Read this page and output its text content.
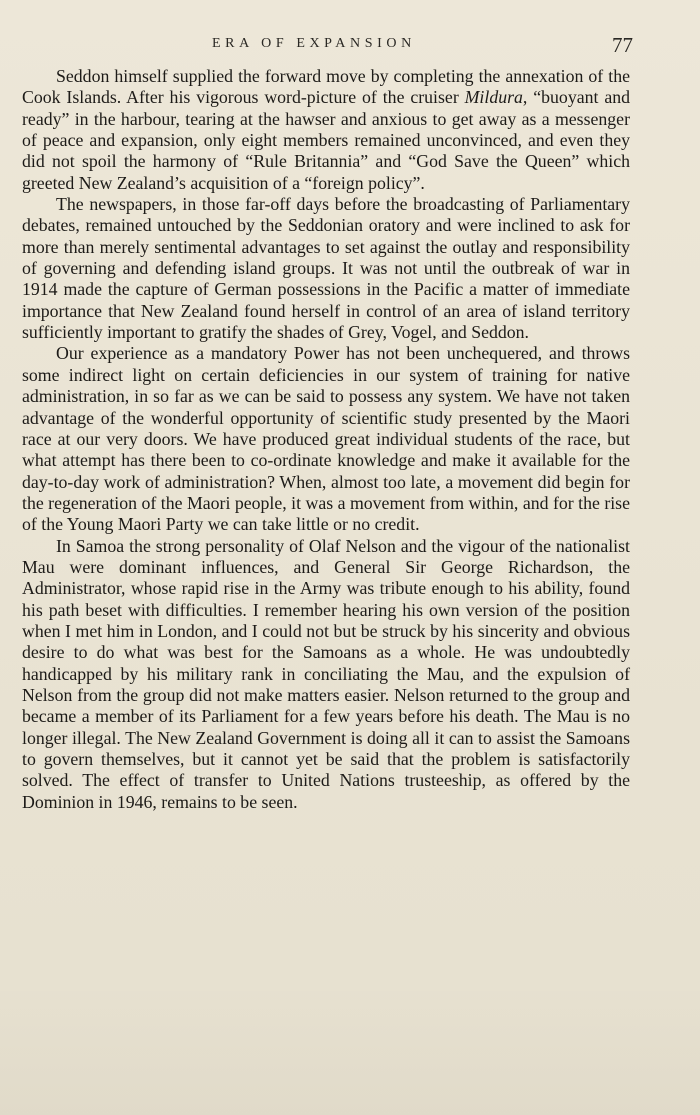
ERA OF EXPANSION	77

Seddon himself supplied the forward move by completing the annexation of the Cook Islands. After his vigorous word-picture of the cruiser Mildura, “buoyant and ready” in the harbour, tearing at the hawser and anxious to get away as a messenger of peace and expansion, only eight members remained unconvinced, and even they did not spoil the harmony of “Rule Britannia” and “God Save the Queen” which greeted New Zealand’s acquisition of a “foreign policy”.

The newspapers, in those far-off days before the broadcasting of Parliamentary debates, remained untouched by the Seddonian oratory and were inclined to ask for more than merely sentimental advantages to set against the outlay and responsibility of governing and defending island groups. It was not until the outbreak of war in 1914 made the capture of German possessions in the Pacific a matter of immediate importance that New Zealand found herself in control of an area of island territory sufficiently important to gratify the shades of Grey, Vogel, and Seddon.

Our experience as a mandatory Power has not been unchequered, and throws some indirect light on certain deficiencies in our system of training for native administration, in so far as we can be said to possess any system. We have not taken advantage of the wonderful opportunity of scientific study presented by the Maori race at our very doors. We have produced great individual students of the race, but what attempt has there been to co-ordinate knowledge and make it available for the day-to-day work of administration? When, almost too late, a movement did begin for the regeneration of the Maori people, it was a movement from within, and for the rise of the Young Maori Party we can take little or no credit.

In Samoa the strong personality of Olaf Nelson and the vigour of the nationalist Mau were dominant influences, and General Sir George Richardson, the Administrator, whose rapid rise in the Army was tribute enough to his ability, found his path beset with difficulties. I remember hearing his own version of the position when I met him in London, and I could not but be struck by his sincerity and obvious desire to do what was best for the Samoans as a whole. He was undoubtedly handicapped by his military rank in conciliating the Mau, and the expulsion of Nelson from the group did not make matters easier. Nelson returned to the group and became a member of its Parliament for a few years before his death. The Mau is no longer illegal. The New Zealand Government is doing all it can to assist the Samoans to govern themselves, but it cannot yet be said that the problem is satisfactorily solved. The effect of transfer to United Nations trusteeship, as offered by the Dominion in 1946, remains to be seen.
